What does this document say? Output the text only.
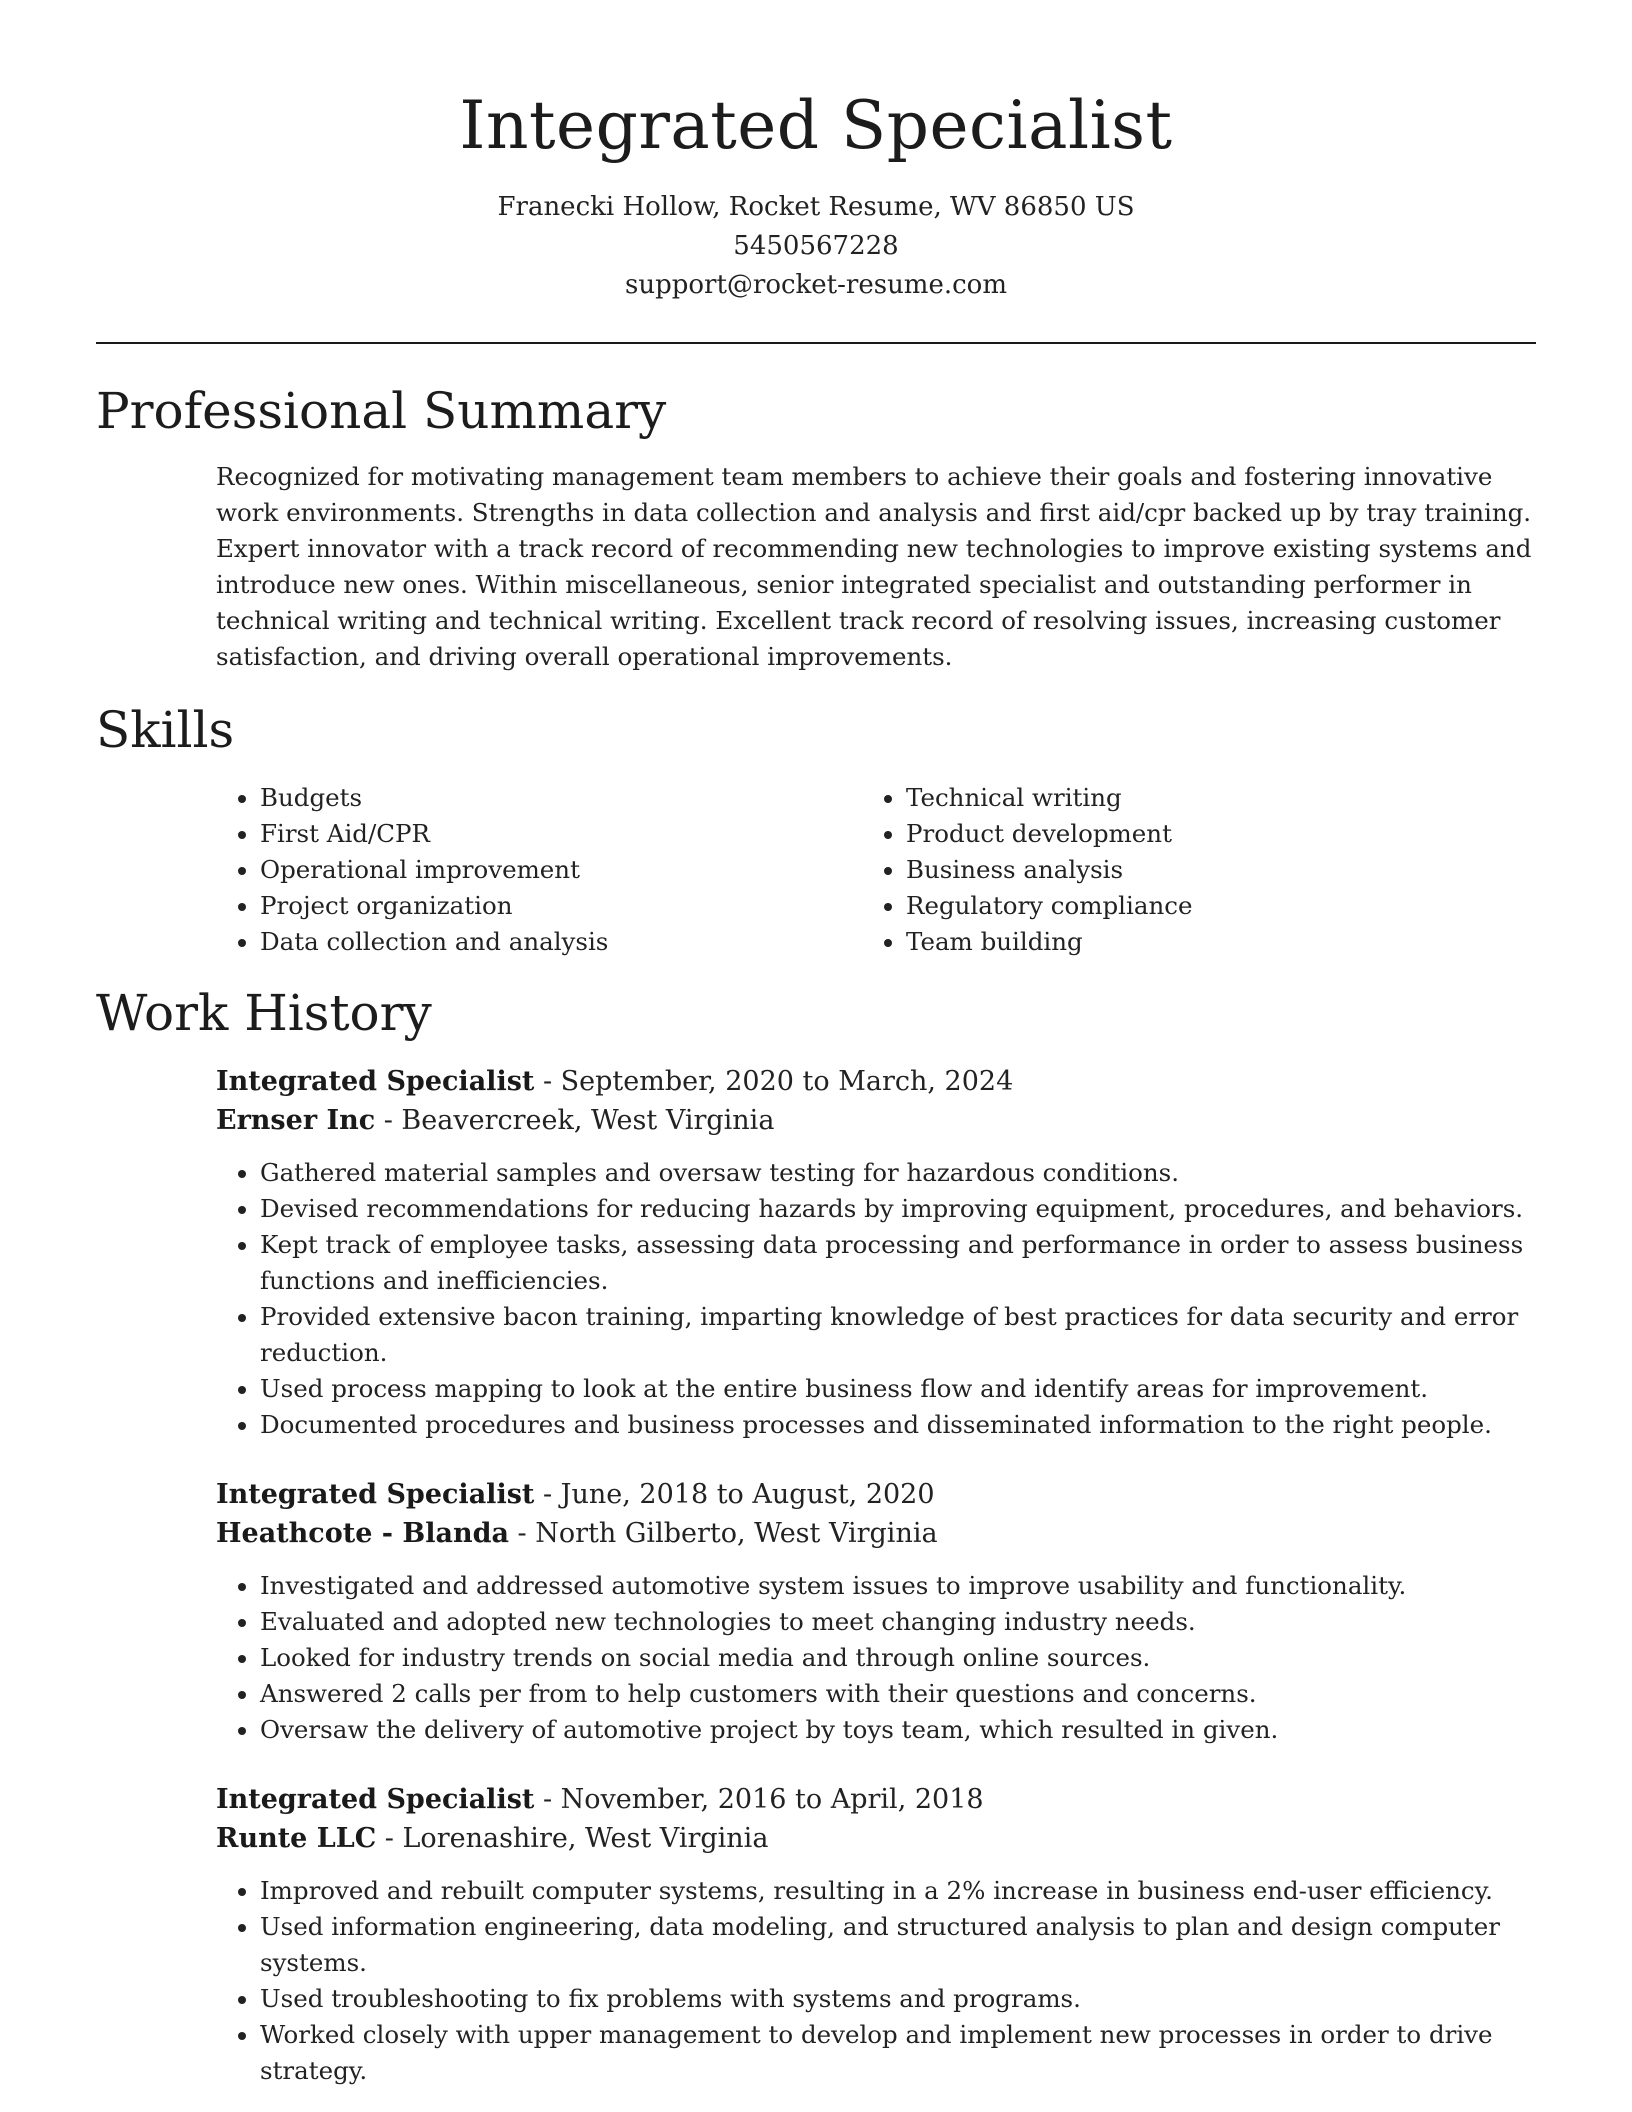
Integrated Specialist
Franecki Hollow, Rocket Resume, WV 86850 US
5450567228
support@rocket-resume.com
Professional Summary
Recognized for motivating management team members to achieve their goals and fostering innovative work environments. Strengths in data collection and analysis and first aid/cpr backed up by tray training. Expert innovator with a track record of recommending new technologies to improve existing systems and introduce new ones. Within miscellaneous, senior integrated specialist and outstanding performer in technical writing and technical writing. Excellent track record of resolving issues, increasing customer satisfaction, and driving overall operational improvements.
Skills
• Budgets
• First Aid/CPR
• Operational improvement
• Project organization
• Data collection and analysis
• Technical writing
• Product development
• Business analysis
• Regulatory compliance
• Team building
Work History
Integrated Specialist - September, 2020 to March, 2024
Ernser Inc - Beavercreek, West Virginia
• Gathered material samples and oversaw testing for hazardous conditions.
• Devised recommendations for reducing hazards by improving equipment, procedures, and behaviors.
• Kept track of employee tasks, assessing data processing and performance in order to assess business functions and inefficiencies.
• Provided extensive bacon training, imparting knowledge of best practices for data security and error reduction.
• Used process mapping to look at the entire business flow and identify areas for improvement.
• Documented procedures and business processes and disseminated information to the right people.
Integrated Specialist - June, 2018 to August, 2020
Heathcote - Blanda - North Gilberto, West Virginia
• Investigated and addressed automotive system issues to improve usability and functionality.
• Evaluated and adopted new technologies to meet changing industry needs.
• Looked for industry trends on social media and through online sources.
• Answered 2 calls per from to help customers with their questions and concerns.
• Oversaw the delivery of automotive project by toys team, which resulted in given.
Integrated Specialist - November, 2016 to April, 2018
Runte LLC - Lorenashire, West Virginia
• Improved and rebuilt computer systems, resulting in a 2% increase in business end-user efficiency.
• Used information engineering, data modeling, and structured analysis to plan and design computer systems.
• Used troubleshooting to fix problems with systems and programs.
• Worked closely with upper management to develop and implement new processes in order to drive strategy.
